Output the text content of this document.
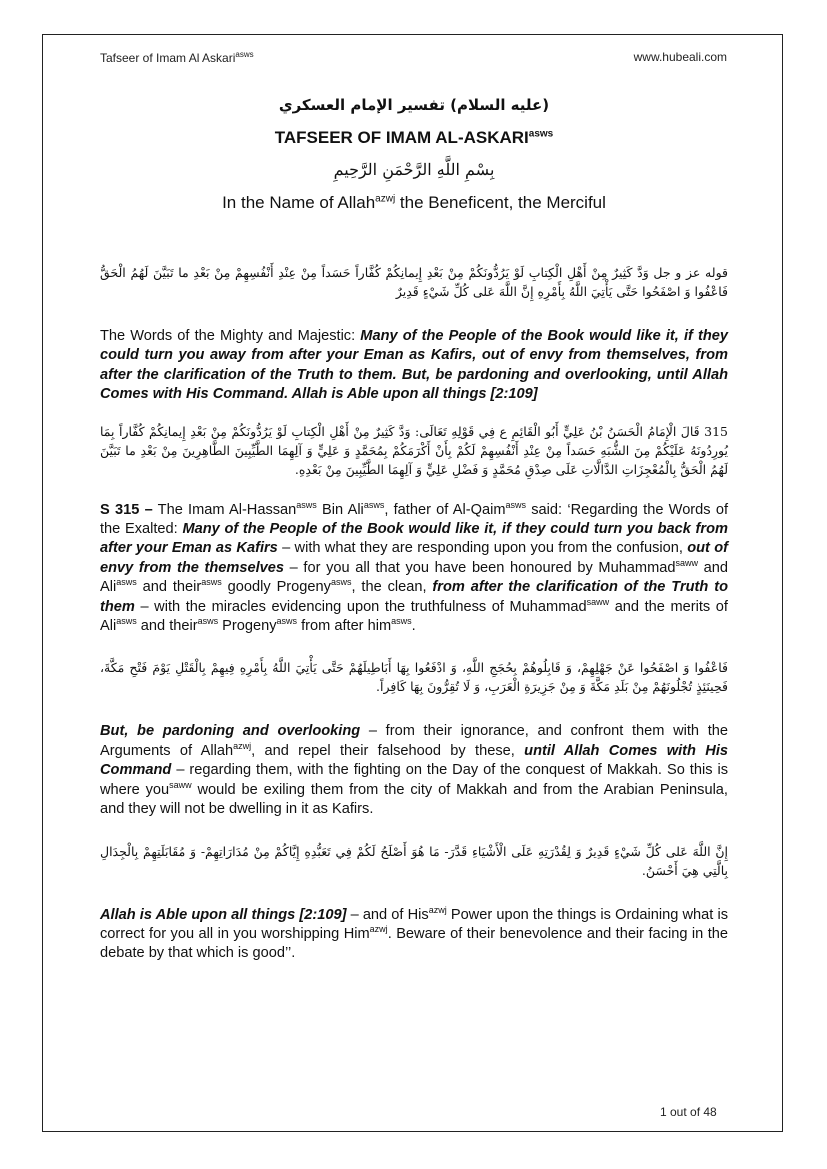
Tafseer of Imam Al Askari$^{asws}$	www.hubeali.com

(عليه السلام) تفسير الإمام العسكري

TAFSEER OF IMAM $AL-ASKARI^{asws}$

بِسْمِ اللَّهِ الرَّحْمَنِ الرَّحِيمِ

In the Name of Allah$^{azwj}$ the Beneficent, the Merciful

قوله عز و جل وَدَّ كَثِيرٌ مِنْ أَهْلِ الْكِتابِ لَوْ يَرُدُّونَكُمْ مِنْ بَعْدِ إِيمانِكُمْ كُفَّاراً حَسَداً مِنْ عِنْدِ أَنْفُسِهِمْ مِنْ بَعْدِ ما تَبَيَّنَ لَهُمُ الْحَقُّ فَاعْفُوا وَ اصْفَحُوا حَتَّى يَأْتِيَ اللَّهُ بِأَمْرِهِ إِنَّ اللَّهَ عَلى كُلِّ شَيْءٍ قَدِيرٌ

The Words of the Mighty and Majestic: Many of the People of the Book would like it, if they could turn you away from after your Eman as Kafirs, out of envy from themselves, from after the clarification of the Truth to them. But, be pardoning and overlooking, until Allah Comes with His Command. Allah is Able upon all things [2:109]

315 قَالَ الْإِمَامُ الْحَسَنُ بْنُ عَلِيٍّ أَبُو الْقَائِمِ ع فِي قَوْلِهِ تَعَالَى: وَدَّ كَثِيرٌ مِنْ أَهْلِ الْكِتابِ لَوْ يَرُدُّونَكُمْ مِنْ بَعْدِ إِيمانِكُمْ كُفَّاراً بِمَا يُورِدُونَهُ عَلَيْكُمْ مِنَ الشُّبَهِ حَسَداً مِنْ عِنْدِ أَنْفُسِهِمْ لَكُمْ بِأَنْ أَكْرَمَكُمْ بِمُحَمَّدٍ وَ عَلِيٍّ وَ آلِهِمَا الطَّيِّبِينَ الطَّاهِرِينَ مِنْ بَعْدِ ما تَبَيَّنَ لَهُمُ الْحَقُّ بِالْمُعْجِزَاتِ الدَّالَّاتِ عَلَى صِدْقِ مُحَمَّدٍ وَ فَضْلِ عَلِيٍّ وَ آلِهِمَا الطَّيِّبِينَ مِنْ بَعْدِهِ.

S 315 – The Imam Al-Hassan$^{asws}$ Bin Ali$^{asws}$, father of Al-Qaim$^{asws}$ said: ‘Regarding the Words of the Exalted: Many of the People of the Book would like it, if they could turn you back from after your Eman as Kafirs – with what they are responding upon you from the confusion, out of envy from the themselves – for you all that you have been honoured by Muhammad$^{saww}$ and Ali$^{asws}$ and their$^{asws}$ goodly Progeny$^{asws}$, the clean, from after the clarification of the Truth to them – with the miracles evidencing upon the truthfulness of Muhammad$^{saww}$ and the merits of Ali$^{asws}$ and their$^{asws}$ Progeny$^{asws}$ from after him$^{asws}$.

فَاعْفُوا وَ اصْفَحُوا عَنْ جَهْلِهِمْ، وَ قَابِلُوهُمْ بِحُجَجِ اللَّهِ، وَ ادْفَعُوا بِهَا أَبَاطِيلَهُمْ حَتَّى يَأْتِيَ اللَّهُ بِأَمْرِهِ فِيهِمْ بِالْقَتْلِ يَوْمَ فَتْحِ مَكَّةَ، فَحِينَئِذٍ تُجْلُونَهُمْ مِنْ بَلَدِ مَكَّةَ وَ مِنْ جَزِيرَةِ الْعَرَبِ، وَ لَا تُقِرُّونَ بِهَا كَافِراً.

But, be pardoning and overlooking – from their ignorance, and confront them with the Arguments of Allah$^{azwj}$, and repel their falsehood by these, until Allah Comes with His Command – regarding them, with the fighting on the Day of the conquest of Makkah. So this is where you$^{saww}$ would be exiling them from the city of Makkah and from the Arabian Peninsula, and they will not be dwelling in it as Kafirs.

إِنَّ اللَّهَ عَلى كُلِّ شَيْءٍ قَدِيرٌ وَ لِقُدْرَتِهِ عَلَى الْأَشْيَاءِ قَدَّرَ- مَا هُوَ أَصْلَحُ لَكُمْ فِي تَعَبُّدِهِ إِيَّاكُمْ مِنْ مُدَارَاتِهِمْ- وَ مُقَابَلَتِهِمْ بِالْجِدَالِ بِالَّتِي هِيَ أَحْسَنُ.

Allah is Able upon all things [2:109] – and of His$^{azwj}$ Power upon the things is Ordaining what is correct for you all in you worshipping Him$^{azwj}$. Beware of their benevolence and their facing in the debate by that which is good’’.

1 out of 48
